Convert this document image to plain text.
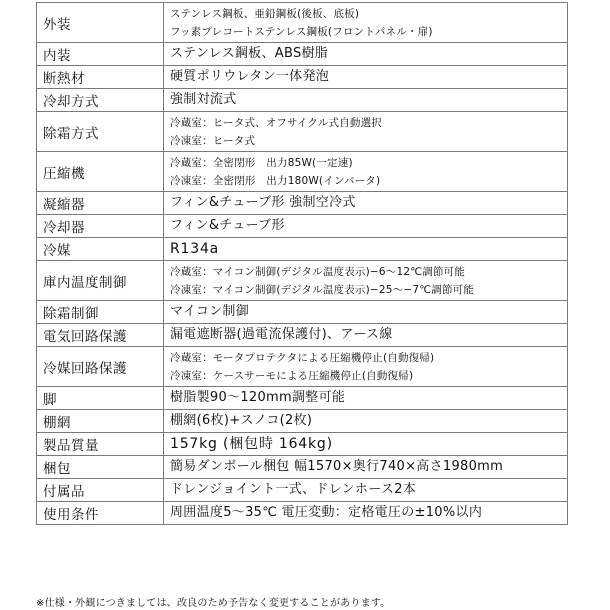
外装	ステンレス鋼板、亜鉛鋼板(後板、底板)
フッ素プレコートステンレス鋼板(フロントパネル・扉)

内装	ステンレス鋼板、ABS樹脂

断熱材	硬質ポリウレタン一体発泡

冷却方式	強制対流式

除霜方式	冷蔵室：ヒータ式、オフサイクル式自動選択
冷凍室：ヒータ式

圧縮機	冷蔵室：全密閉形　出力85W(一定速)
冷凍室：全密閉形　出力180W(インバータ)

凝縮器	フィン&チューブ形 強制空冷式

冷却器	フィン&チューブ形

冷媒	R134a

庫内温度制御	冷蔵室：マイコン制御(デジタル温度表示)−6〜12℃調節可能
冷凍室：マイコン制御(デジタル温度表示)−25〜−7℃調節可能

除霜制御	マイコン制御

電気回路保護	漏電遮断器(過電流保護付)、アース線

冷媒回路保護	冷蔵室：モータプロテクタによる圧縮機停止(自動復帰)
冷凍室：ケースサーモによる圧縮機停止(自動復帰)

脚	樹脂製90〜120mm調整可能

棚網	棚網(6枚)+スノコ(2枚)

製品質量	157kg (梱包時 164kg)

梱包	簡易ダンボール梱包 幅1570×奥行740×高さ1980mm

付属品	ドレンジョイント一式、ドレンホース2本

使用条件	周囲温度5〜35℃ 電圧変動：定格電圧の±10%以内
※仕様・外観につきましては、改良のため予告なく変更することがあります。
